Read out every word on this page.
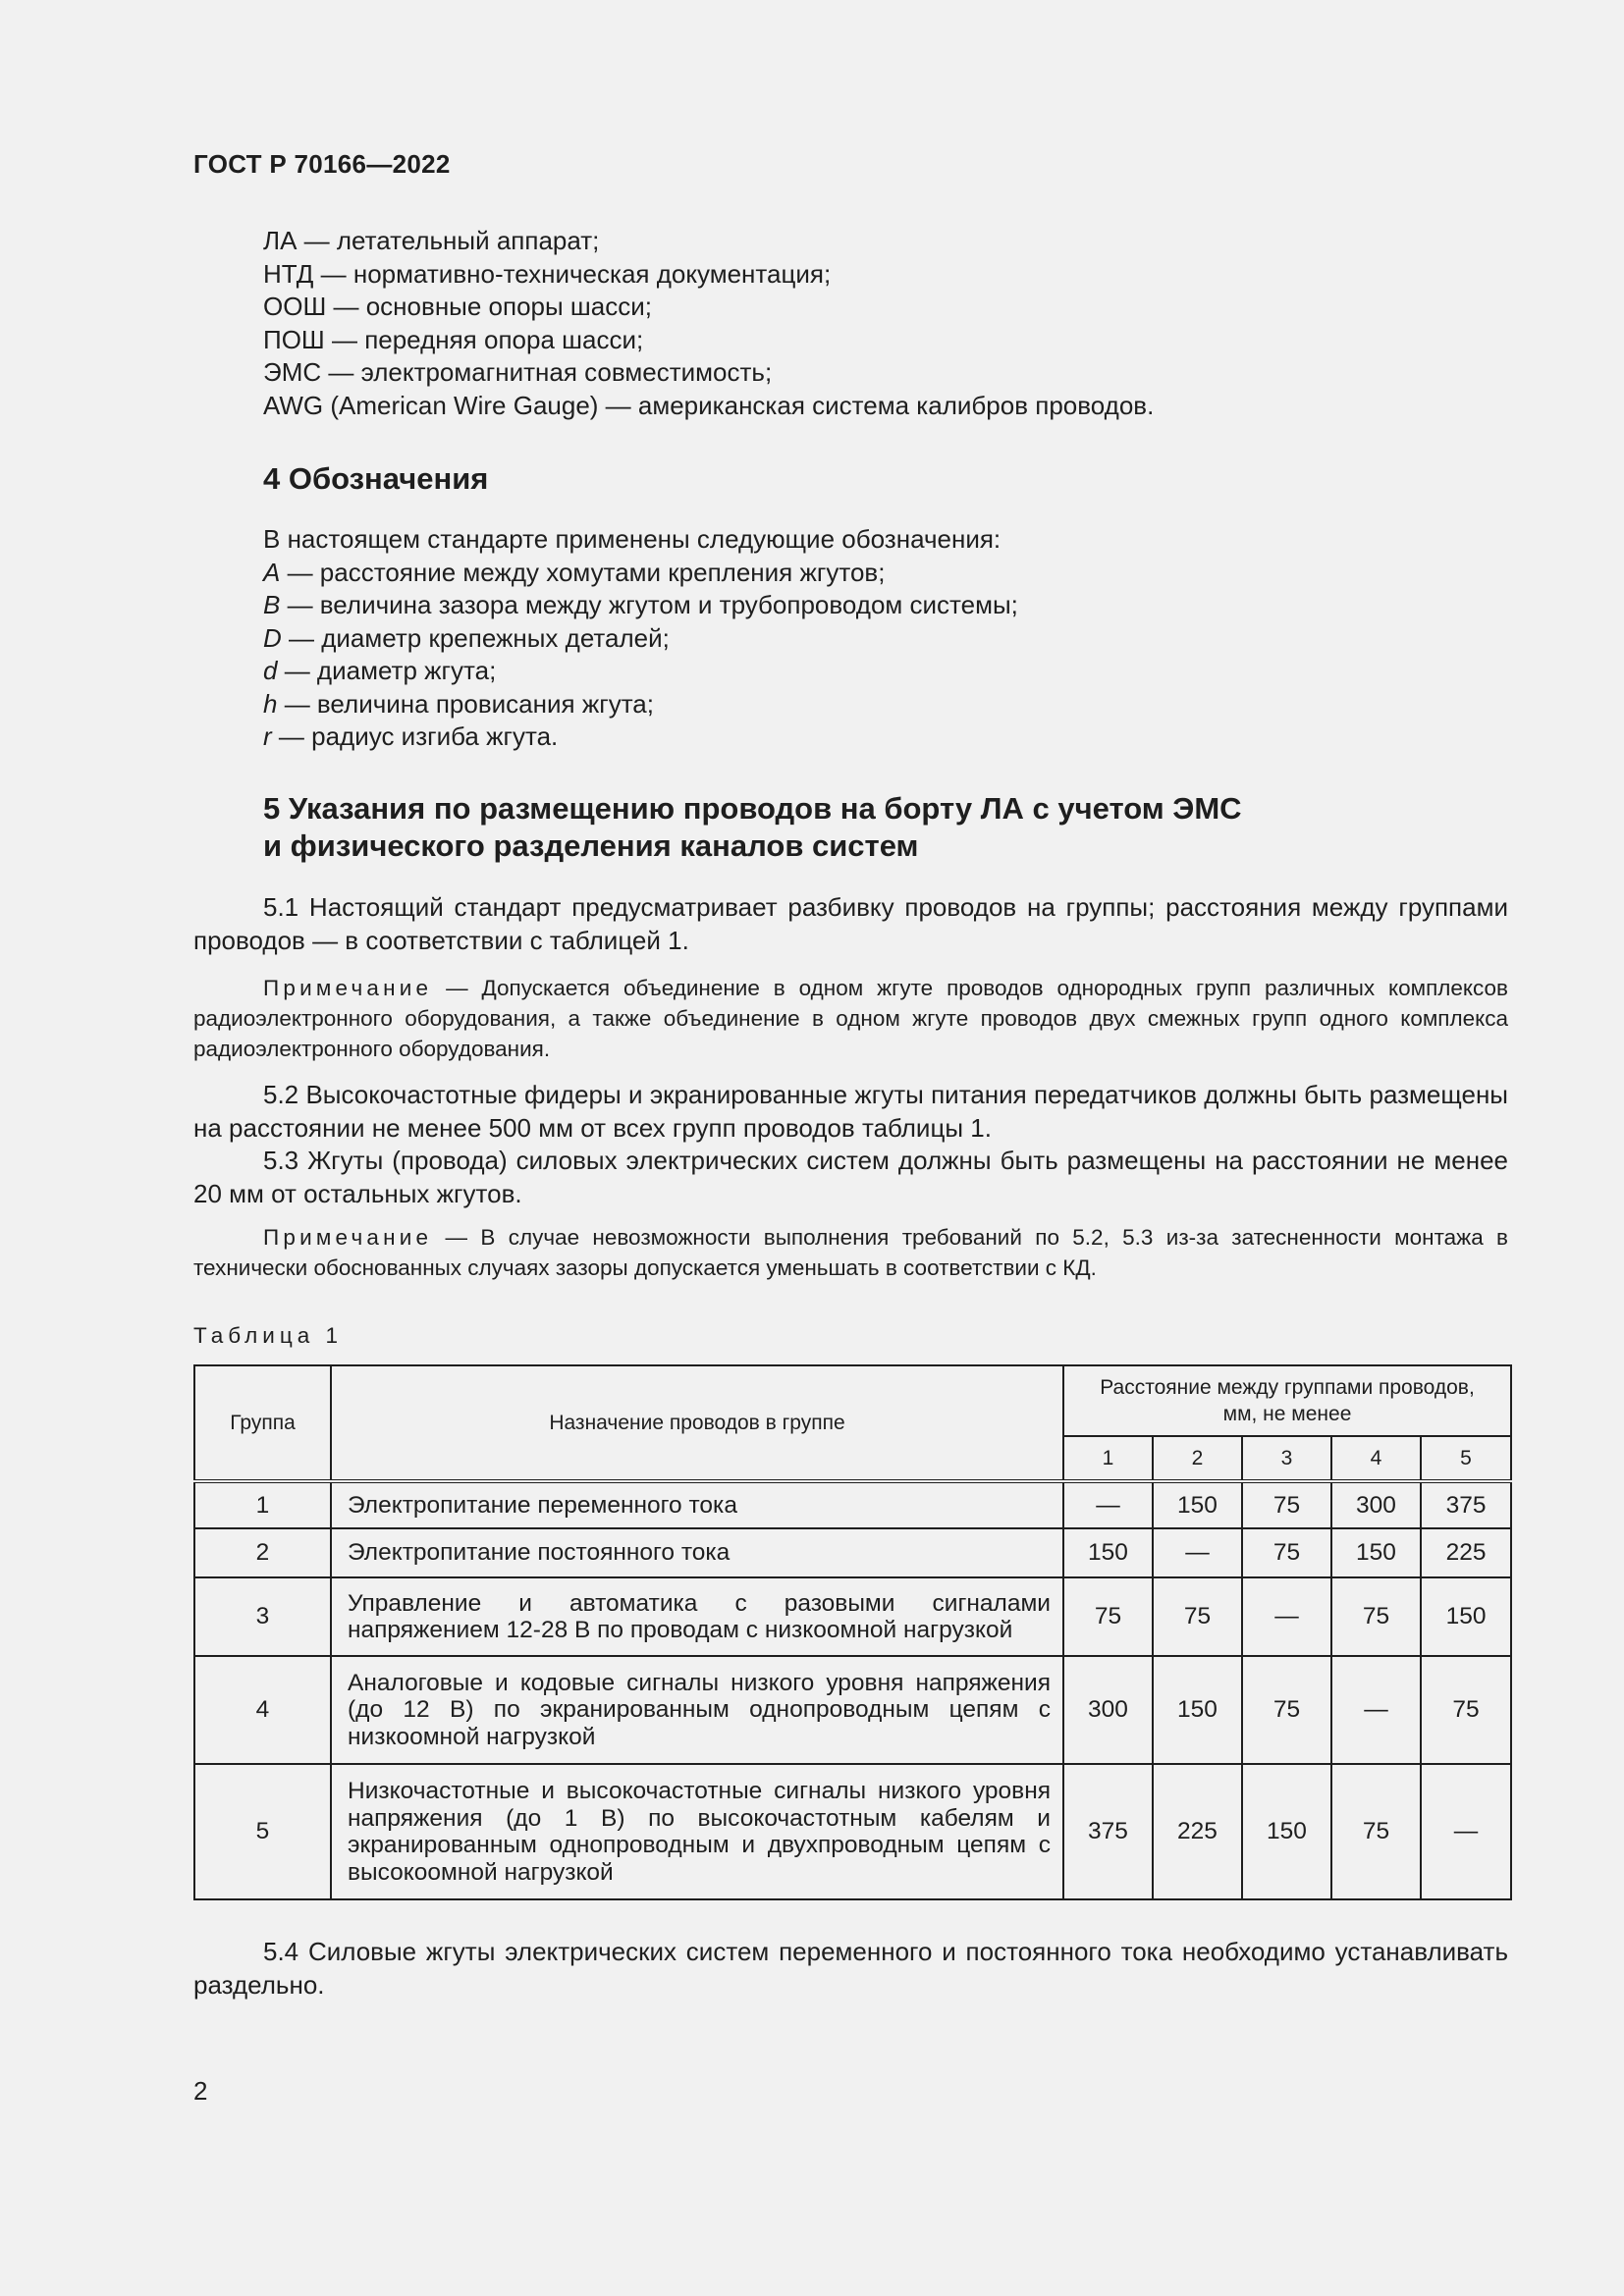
ГОСТ Р 70166—2022
ЛА — летательный аппарат;
НТД — нормативно-техническая документация;
ООШ — основные опоры шасси;
ПОШ — передняя опора шасси;
ЭМС — электромагнитная совместимость;
AWG (American Wire Gauge) — американская система калибров проводов.
4 Обозначения
В настоящем стандарте применены следующие обозначения:
A — расстояние между хомутами крепления жгутов;
B — величина зазора между жгутом и трубопроводом системы;
D — диаметр крепежных деталей;
d — диаметр жгута;
h — величина провисания жгута;
r — радиус изгиба жгута.
5 Указания по размещению проводов на борту ЛА с учетом ЭМС
и физического разделения каналов систем
5.1 Настоящий стандарт предусматривает разбивку проводов на группы; расстояния между группами проводов — в соответствии с таблицей 1.
Примечание — Допускается объединение в одном жгуте проводов однородных групп различных комплексов радиоэлектронного оборудования, а также объединение в одном жгуте проводов двух смежных групп одного комплекса радиоэлектронного оборудования.
5.2 Высокочастотные фидеры и экранированные жгуты питания передатчиков должны быть размещены на расстоянии не менее 500 мм от всех групп проводов таблицы 1.
5.3 Жгуты (провода) силовых электрических систем должны быть размещены на расстоянии не менее 20 мм от остальных жгутов.
Примечание — В случае невозможности выполнения требований по 5.2, 5.3 из-за затесненности монтажа в технически обоснованных случаях зазоры допускается уменьшать в соответствии с КД.
Таблица 1
Группа	Назначение проводов в группе	Расстояние между группами проводов,
мм, не менее				

		1	2	3	4	5
1	Электропитание переменного тока	—	150	75	300	375
2	Электропитание постоянного тока	150	—	75	150	225
3	Управление и автоматика с разовыми сигналами напряжением 12-28 В по проводам с низкоомной нагрузкой	75	75	—	75	150
4	Аналоговые и кодовые сигналы низкого уровня напряжения (до 12 В) по экранированным однопроводным цепям с низкоомной нагрузкой	300	150	75	—	75
5	Низкочастотные и высокочастотные сигналы низкого уровня напряжения (до 1 В) по высокочастотным кабелям и экранированным однопроводным и двухпроводным цепям с высокоомной нагрузкой	375	225	150	75	—
5.4 Силовые жгуты электрических систем переменного и постоянного тока необходимо устанавливать раздельно.
2
